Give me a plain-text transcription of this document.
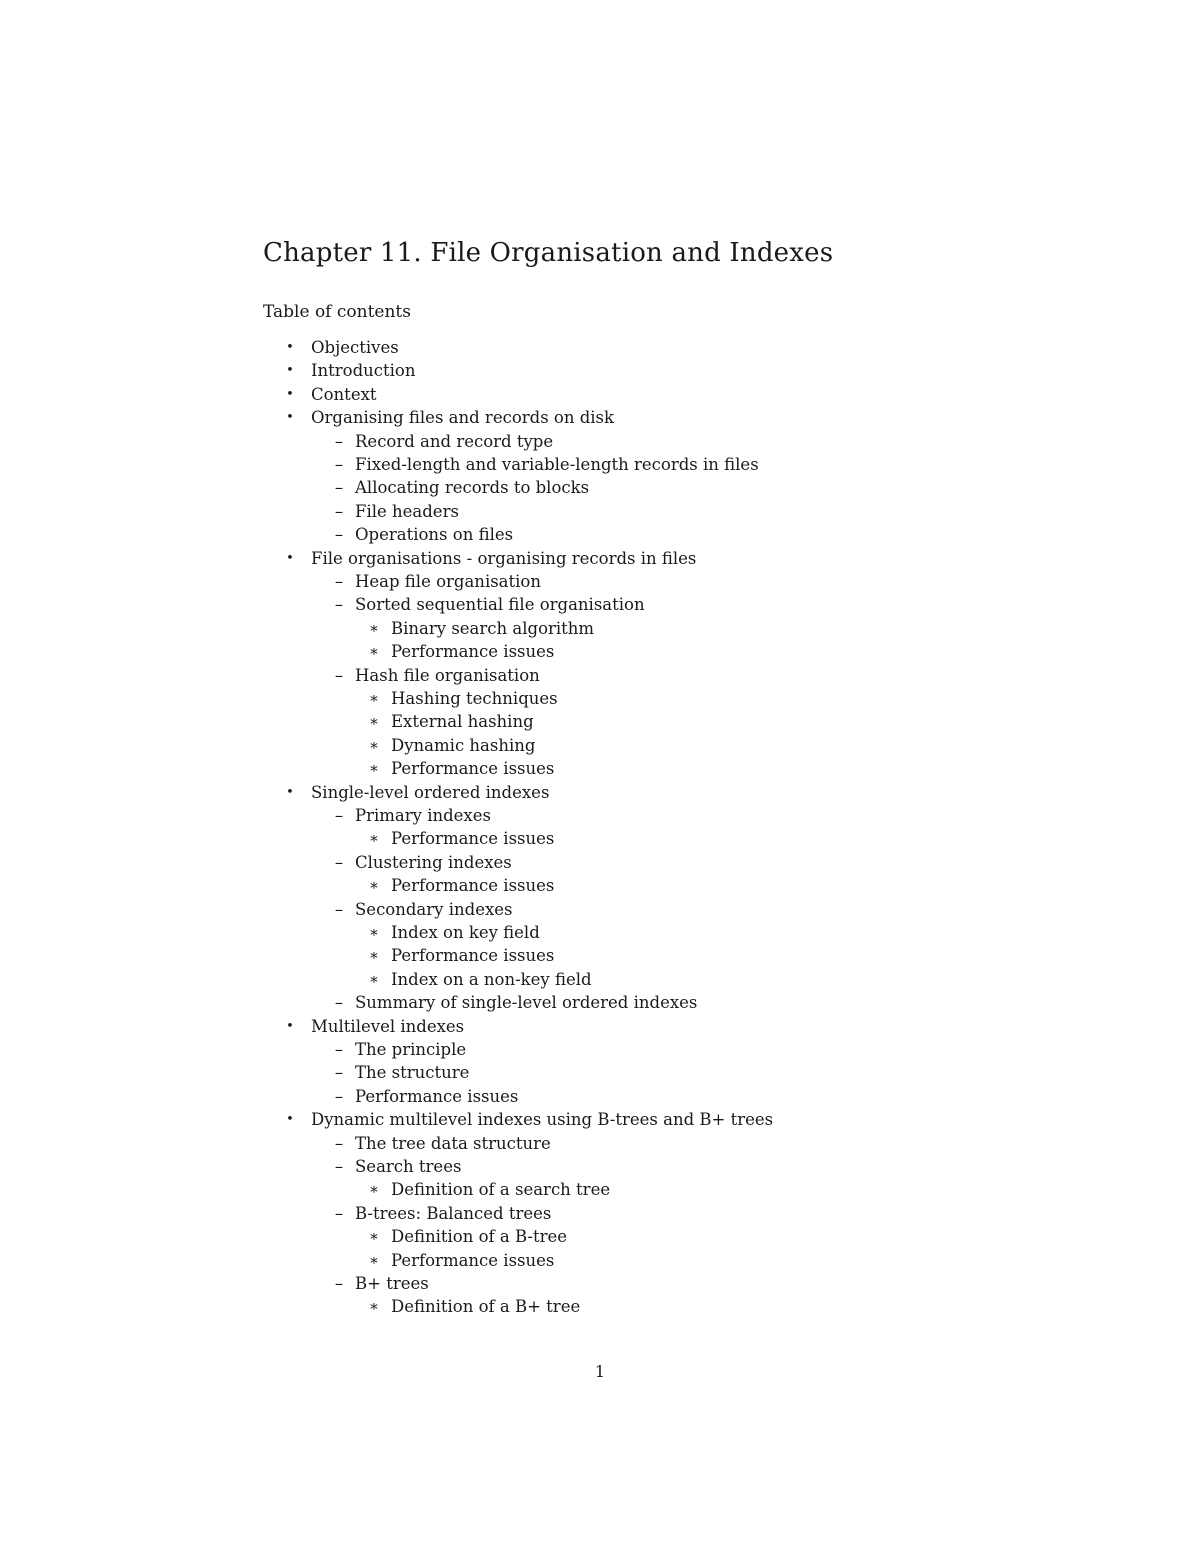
Chapter 11. File Organisation and Indexes
Table of contents
• Objectives
• Introduction
• Context
• Organising files and records on disk
– Record and record type
– Fixed-length and variable-length records in files
– Allocating records to blocks
– File headers
– Operations on files
• File organisations - organising records in files
– Heap file organisation
– Sorted sequential file organisation
∗ Binary search algorithm
∗ Performance issues
– Hash file organisation
∗ Hashing techniques
∗ External hashing
∗ Dynamic hashing
∗ Performance issues
• Single-level ordered indexes
– Primary indexes
∗ Performance issues
– Clustering indexes
∗ Performance issues
– Secondary indexes
∗ Index on key field
∗ Performance issues
∗ Index on a non-key field
– Summary of single-level ordered indexes
• Multilevel indexes
– The principle
– The structure
– Performance issues
• Dynamic multilevel indexes using B-trees and B+ trees
– The tree data structure
– Search trees
∗ Definition of a search tree
– B-trees: Balanced trees
∗ Definition of a B-tree
∗ Performance issues
– B+ trees
∗ Definition of a B+ tree
1
